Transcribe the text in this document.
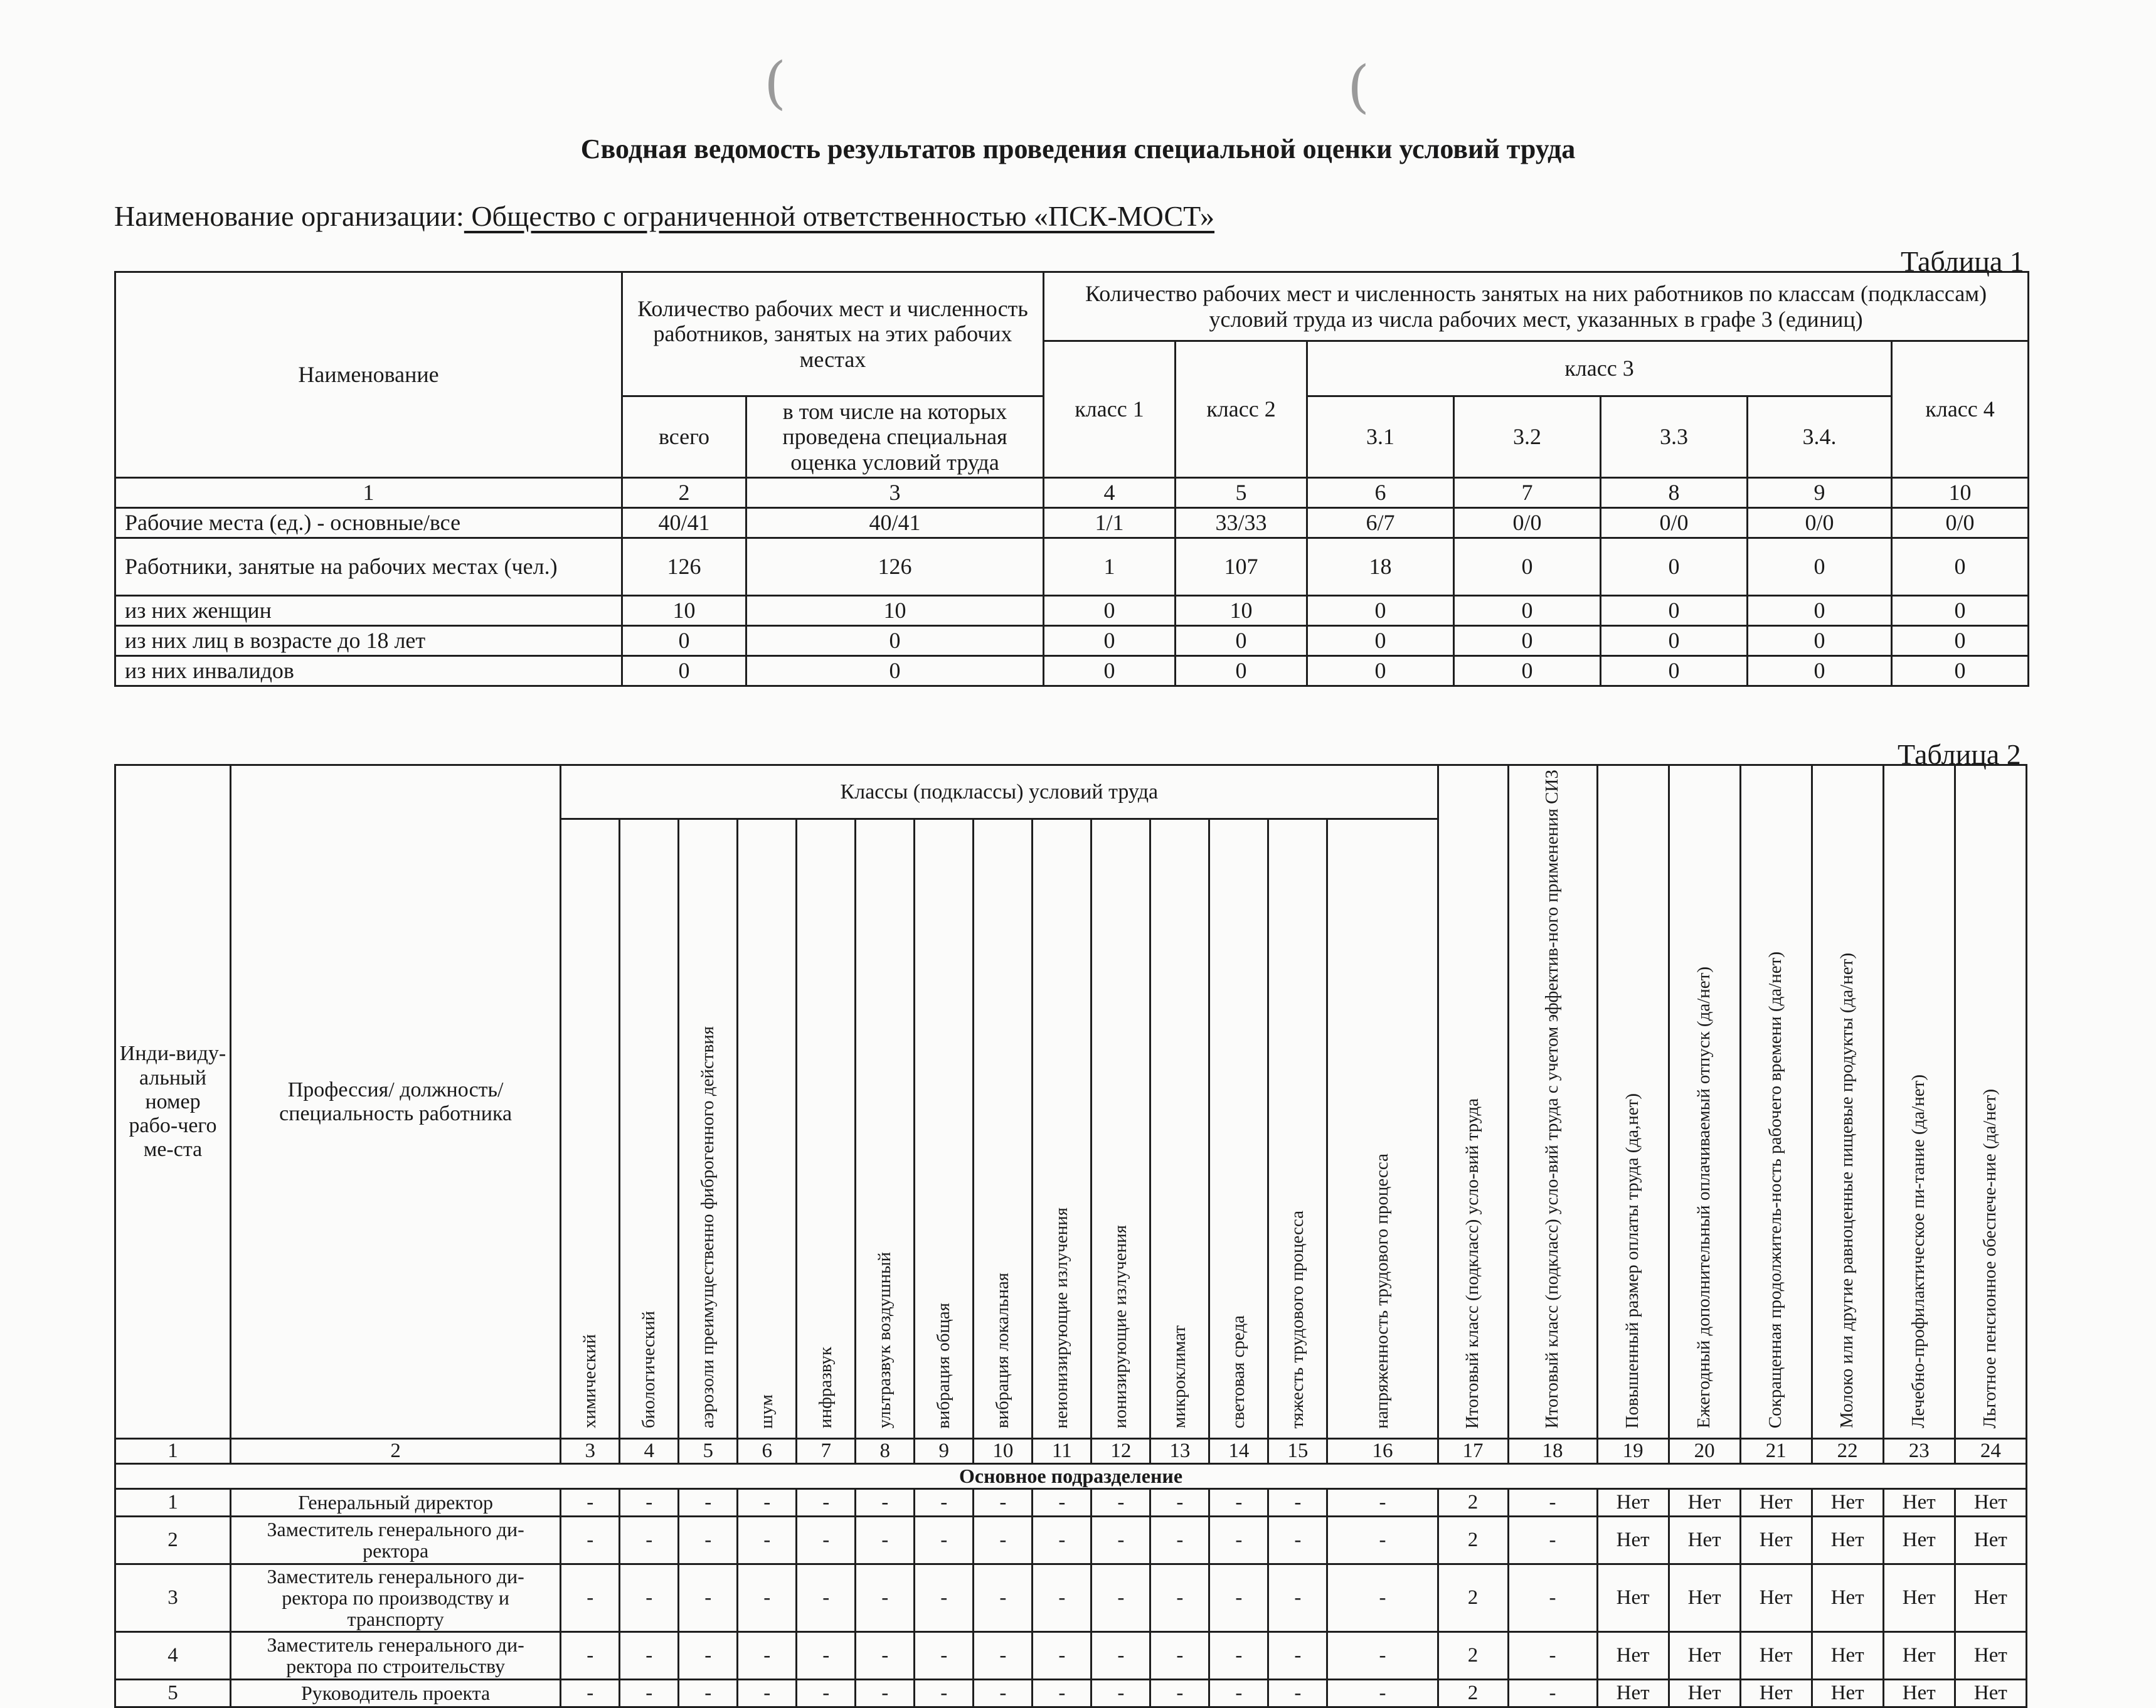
(	(
Сводная ведомость результатов проведения специальной оценки условий труда
Наименование организации: Общество с ограниченной ответственностью «ПСК-МОСТ»
Таблица 1
Наименование	Количество рабочих мест и численность работников, занятых на этих рабочих местах		Количество рабочих мест и численность занятых на них работников по классам (подклассам) условий труда из числа рабочих мест, указанных в графе 3 (единиц)						
			класс 1	класс 2	класс 3				класс 4
	всего	в том числе на которых проведена специальная оценка условий труда			3.1	3.2	3.3	3.4.	
1	2	3	4	5	6	7	8	9	10
Рабочие места (ед.) - основные/все	40/41	40/41	1/1	33/33	6/7	0/0	0/0	0/0	0/0
Работники, занятые на рабочих местах (чел.)	126	126	1	107	18	0	0	0	0
из них женщин	10	10	0	10	0	0	0	0	0
из них лиц в возрасте до 18 лет	0	0	0	0	0	0	0	0	0
из них инвалидов	0	0	0	0	0	0	0	0	0
Таблица 2
Инди-виду-альный номер рабо-чего ме-ста	Профессия/ должность/ специальность работника	Классы (подклассы) условий труда														Итоговый класс (подкласс) усло-вий труда	Итоговый класс (подкласс) усло-вий труда с учетом эффектив-ного применения СИЗ	Повышенный размер оплаты труда (да,нет)	Ежегодный дополнительный оплачиваемый отпуск (да/нет)	Сокращенная продолжитель-ность рабочего времени (да/нет)	Молоко или другие равноценные пищевые продукты (да/нет)	Лечебно-профилактическое пи-тание (да/нет)	Льготное пенсионное обеспече-ние (да/нет)
		химический	биологический	аэрозоли преимущественно фиброгенного действия	шум	инфразвук	ультразвук воздушный	вибрация общая	вибрация локальная	неионизирующие излучения	ионизирующие излучения	микроклимат	световая среда	тяжесть трудового процесса	напряженность трудового процесса								
1	2	3	4	5	6	7	8	9	10	11	12	13	14	15	16	17	18	19	20	21	22	23	24
Основное подразделение																							
1	Генеральный директор	-	-	-	-	-	-	-	-	-	-	-	-	-	-	2	-	Нет	Нет	Нет	Нет	Нет	Нет
2	Заместитель генерального ди-ректора	-	-	-	-	-	-	-	-	-	-	-	-	-	-	2	-	Нет	Нет	Нет	Нет	Нет	Нет
3	Заместитель генерального ди-ректора по производству и транспорту	-	-	-	-	-	-	-	-	-	-	-	-	-	-	2	-	Нет	Нет	Нет	Нет	Нет	Нет
4	Заместитель генерального ди-ректора по строительству	-	-	-	-	-	-	-	-	-	-	-	-	-	-	2	-	Нет	Нет	Нет	Нет	Нет	Нет
5	Руководитель проекта	-	-	-	-	-	-	-	-	-	-	-	-	-	-	2	-	Нет	Нет	Нет	Нет	Нет	Нет
